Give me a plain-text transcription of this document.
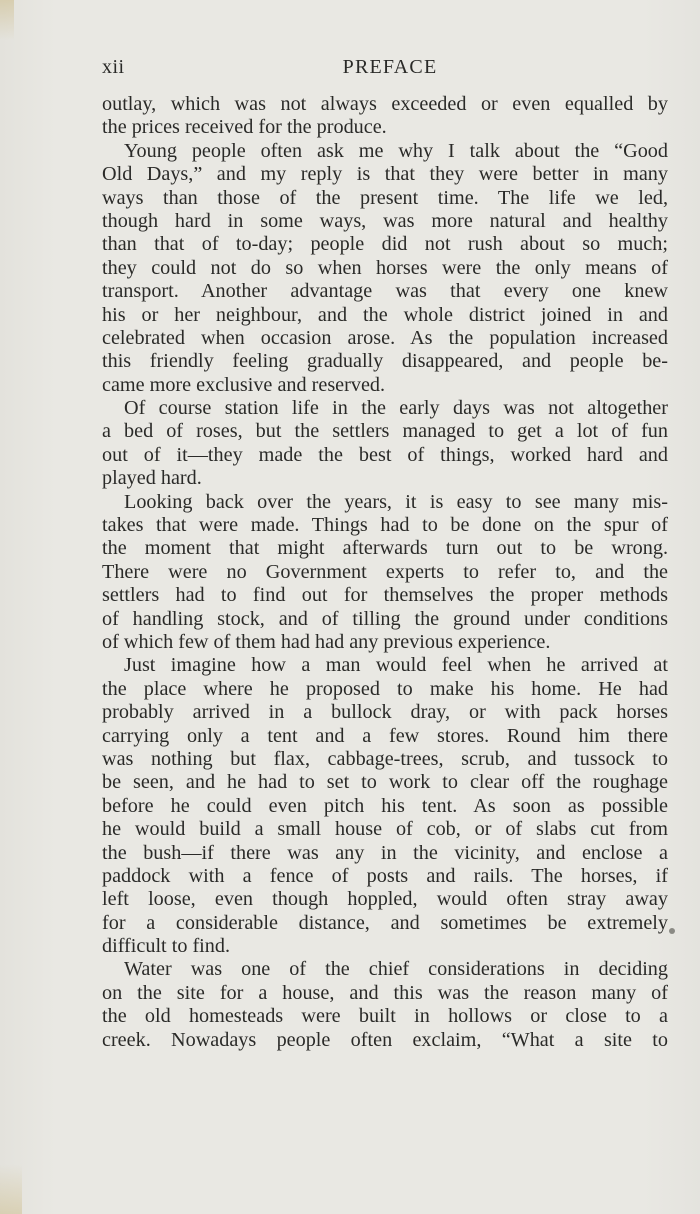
xii	PREFACE

outlay, which was not always exceeded or even equalled by
the prices received for the produce.

Young people often ask me why I talk about the “Good
Old Days,” and my reply is that they were better in many
ways than those of the present time. The life we led,
though hard in some ways, was more natural and healthy
than that of to-day; people did not rush about so much;
they could not do so when horses were the only means of
transport. Another advantage was that every one knew
his or her neighbour, and the whole district joined in and
celebrated when occasion arose. As the population increased
this friendly feeling gradually disappeared, and people be-
came more exclusive and reserved.

Of course station life in the early days was not altogether
a bed of roses, but the settlers managed to get a lot of fun
out of it—they made the best of things, worked hard and
played hard.

Looking back over the years, it is easy to see many mis-
takes that were made. Things had to be done on the spur of
the moment that might afterwards turn out to be wrong.
There were no Government experts to refer to, and the
settlers had to find out for themselves the proper methods
of handling stock, and of tilling the ground under conditions
of which few of them had had any previous experience.

Just imagine how a man would feel when he arrived at
the place where he proposed to make his home. He had
probably arrived in a bullock dray, or with pack horses
carrying only a tent and a few stores. Round him there
was nothing but flax, cabbage-trees, scrub, and tussock to
be seen, and he had to set to work to clear off the roughage
before he could even pitch his tent. As soon as possible
he would build a small house of cob, or of slabs cut from
the bush—if there was any in the vicinity, and enclose a
paddock with a fence of posts and rails. The horses, if
left loose, even though hoppled, would often stray away
for a considerable distance, and sometimes be extremely
difficult to find.

Water was one of the chief considerations in deciding
on the site for a house, and this was the reason many of
the old homesteads were built in hollows or close to a
creek. Nowadays people often exclaim, “What a site to
